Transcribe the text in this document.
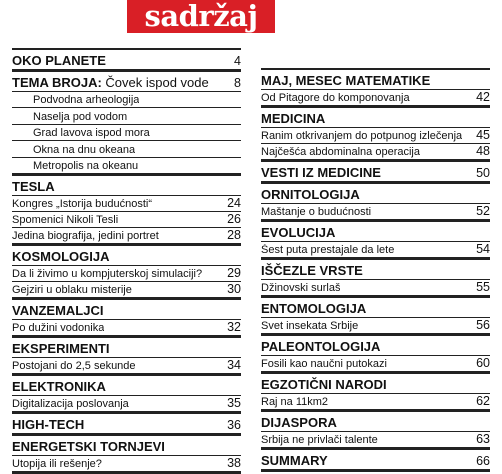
sadržaj
OKO PLANETE	4
TEMA BROJA: Čovek ispod vode 8
Podvodna arheologija
Naselja pod vodom
Grad lavova ispod mora
Okna na dnu okeana
Metropolis na okeanu
TESLA
Kongres „Istorija budućnosti“	24
Spomenici Nikoli Tesli	26
Jedina biografija, jedini portret	28
KOSMOLOGIJA
Da li živimo u kompjuterskoj simulaciji? 29
Gejziri u oblaku misterije	30
VANZEMALJCI
Po dužini vodonika	32
EKSPERIMENTI
Postojani do 2,5 sekunde	34
ELEKTRONIKA
Digitalizacija poslovanja	35
HIGH-TECH	36
ENERGETSKI TORNJEVI
Utopija ili rešenje?	38
MAJ, MESEC MATEMATIKE
Od Pitagore do komponovanja	42
MEDICINA
Ranim otkrivanjem do potpunog izlečenja 45
Najčešća abdominalna operacija	48
VESTI IZ MEDICINE	50
ORNITOLOGIJA
Maštanje o budućnosti	52
EVOLUCIJA
Šest puta prestajale da lete	54
IŠČEZLE VRSTE
Džinovski surlaš	55
ENTOMOLOGIJA
Svet insekata Srbije	56
PALEONTOLOGIJA
Fosili kao naučni putokazi	60
EGZOTIČNI NARODI
Raj na 11km2	62
DIJASPORA
Srbija ne privlači talente	63
SUMMARY	66
